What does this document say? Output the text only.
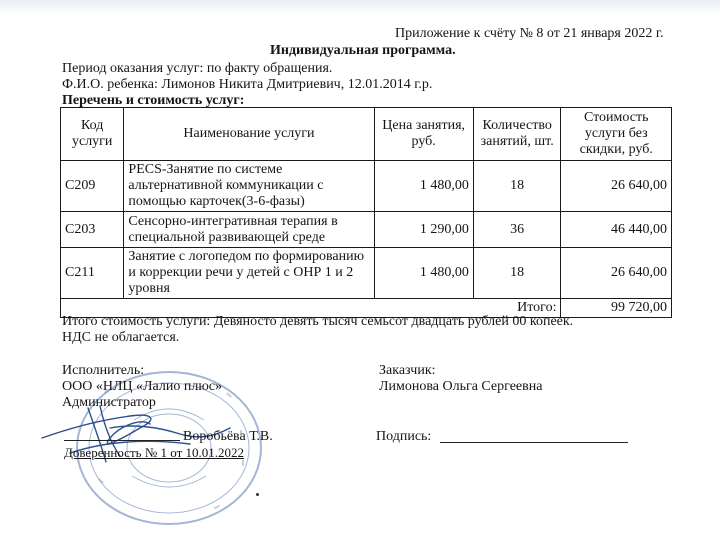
Приложение к счёту № 8 от 21 января 2022 г.
Индивидуальная программа.
Период оказания услуг: по факту обращения.
Ф.И.О. ребенка: Лимонов Никита Дмитриевич, 12.01.2014 г.р.
Перечень и стоимость услуг:
Код услуги	Наименование услуги	Цена занятия, руб.	Количество занятий, шт.	Стоимость услуги без скидки, руб.
С209	PECS-Занятие по системе альтернативной коммуникации с помощью карточек(3-6-фазы)	1 480,00	18	26 640,00
С203	Сенсорно-интегративная терапия в специальной развивающей среде	1 290,00	36	46 440,00
С211	Занятие с логопедом по формированию и коррекции речи у детей с ОНР 1 и 2 уровня	1 480,00	18	26 640,00
Итого:				99 720,00
Итого стоимость услуги: Девяносто девять тысяч семьсот двадцать рублей 00 копеек.
НДС не облагается.
Исполнитель:
ООО «НЛЦ «Лалио плюс»
Администратор
Воробьёва Т.В.
Доверенность № 1 от 10.01.2022
Заказчик:
Лимонова Ольга Сергеевна
Подпись:
